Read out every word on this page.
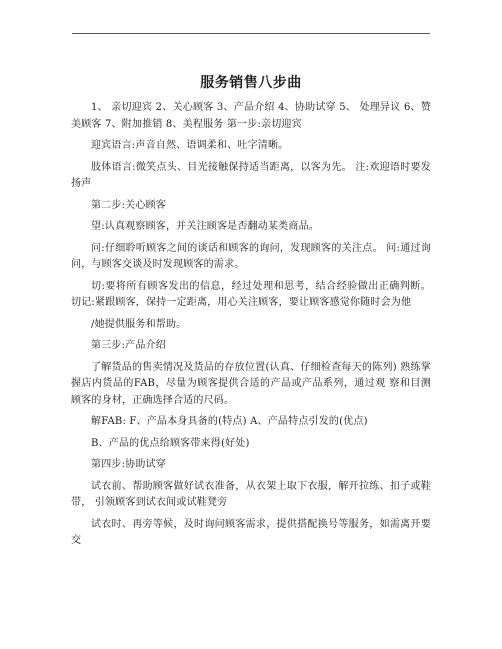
服务销售八步曲

1、 亲切迎宾 2、关心顾客 3、产品介绍 4、协助试穿 5、 处理异议 6、赞美顾客 7、附加推销 8、美程服务 第一步:亲切迎宾

迎宾语言:声音自然、语调柔和、吐字清晰。

肢体语言:微笑点头、目光接触保持适当距离，以客为先。 注:欢迎语时要发扬声

第二步:关心顾客

望:认真观察顾客，并关注顾客是否翻动某类商品。

问:仔细聆听顾客之间的谈话和顾客的询问，发现顾客的关注点。 问:通过询问，与顾客交谈及时发现顾客的需求。

切:要将所有顾客发出的信息，经过处理和思考，结合经验做出正确判断。 切记:紧跟顾客，保持一定距离，用心关注顾客，要让顾客感觉你随时会为他

/她提供服务和帮助。

第三步:产品介绍

了解货品的售卖情况及货品的存放位置(认真、仔细检查每天的陈列) 熟练掌握店内货品的FAB，尽量为顾客提供合适的产品或产品系列，通过观 察和目测顾客的身材，正确选择合适的尺码。

解FAB: F、产品本身具备的(特点) A、产品特点引发的(优点)

B、产品的优点给顾客带来得(好处)

第四步:协助试穿

试衣前、帮助顾客做好试衣准备，从衣架上取下衣服，解开拉练、扣子或鞋带， 引领顾客到试衣间或试鞋凳旁

试衣时、再旁等候，及时询问顾客需求，提供搭配换号等服务，如需离开要交
